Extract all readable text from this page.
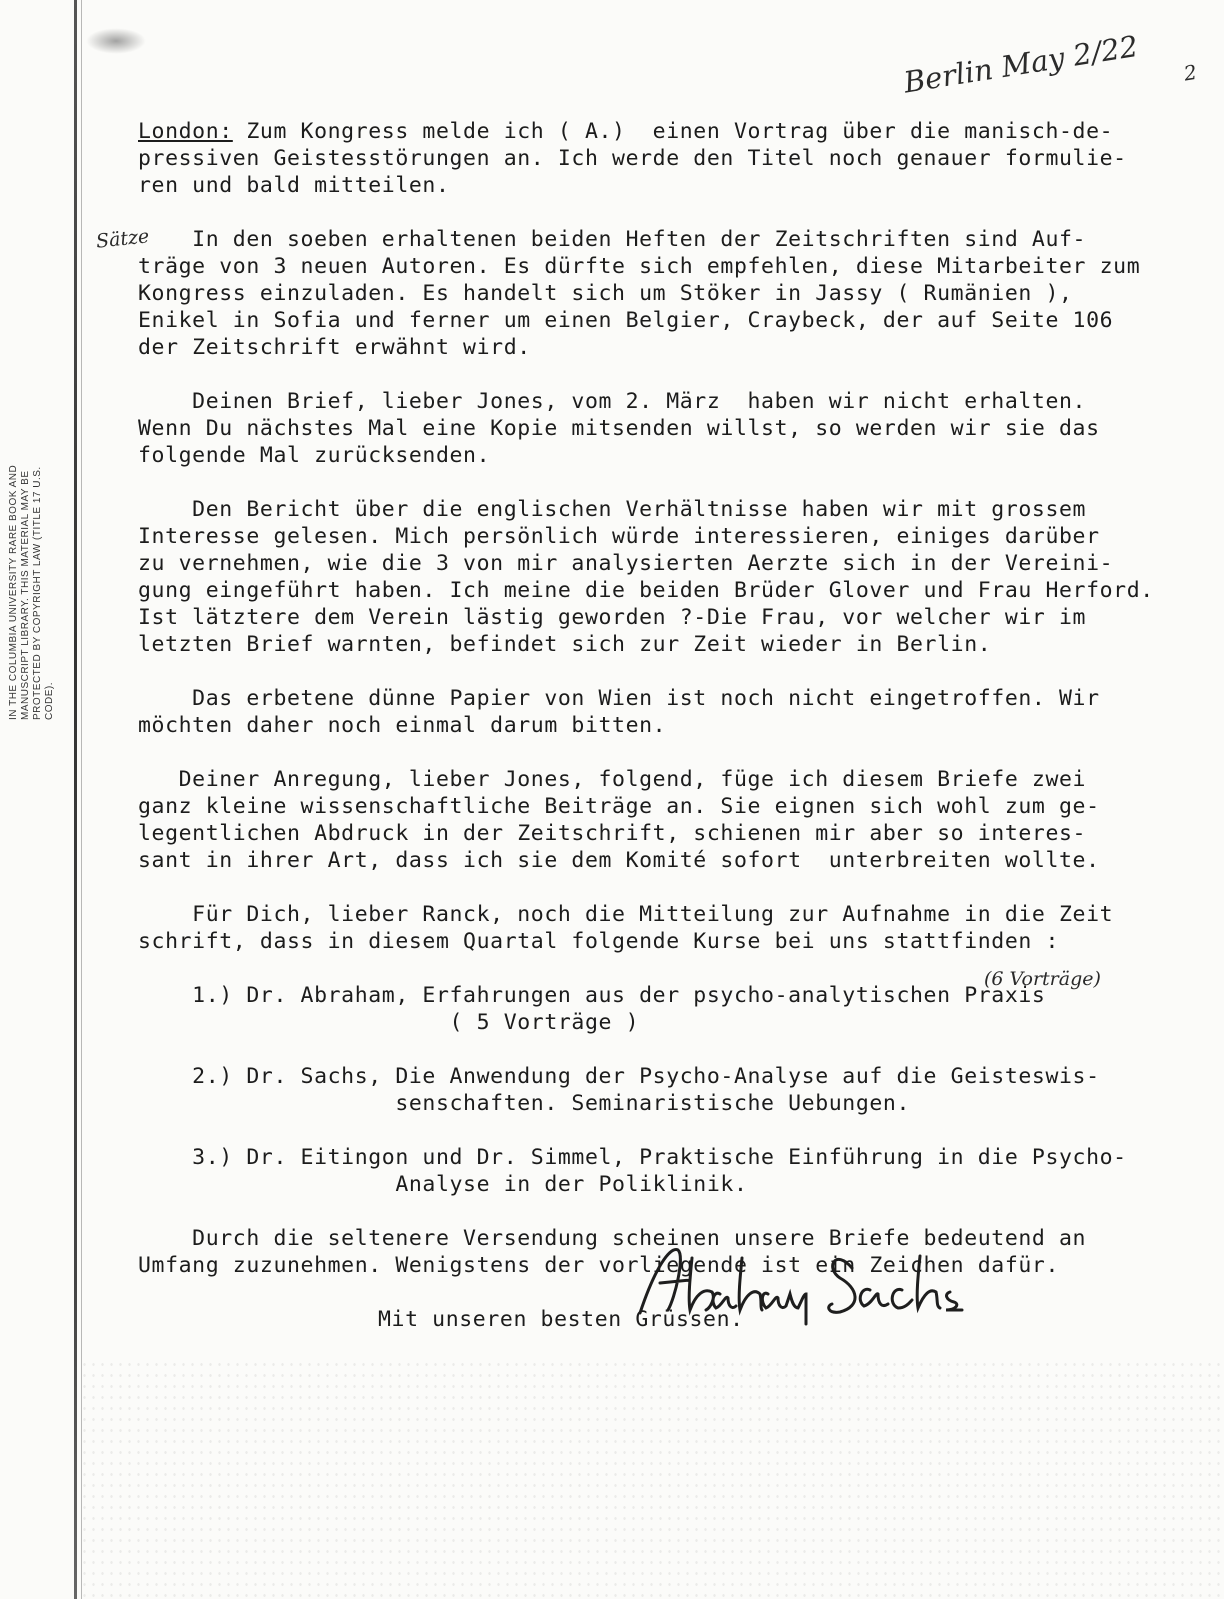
IN THE COLUMBIA UNIVERSITY RARE BOOK AND MANUSCRIPT LIBRARY. THIS MATERIAL MAY BE PROTECTED BY COPYRIGHT LAW (TITLE 17 U.S. CODE).
Berlin May 2/22	2
Sätze
(6 Vorträge)
London: Zum Kongress melde ich ( A.)  einen Vortrag über die manisch-de-
pressiven Geistesstörungen an. Ich werde den Titel noch genauer formulie-
ren und bald mitteilen.
In den soeben erhaltenen beiden Heften der Zeitschriften sind Auf-
träge von 3 neuen Autoren. Es dürfte sich empfehlen, diese Mitarbeiter zum
Kongress einzuladen. Es handelt sich um Stöker in Jassy ( Rumänien ),
Enikel in Sofia und ferner um einen Belgier, Craybeck, der auf Seite 106
der Zeitschrift erwähnt wird.
Deinen Brief, lieber Jones, vom 2. März  haben wir nicht erhalten.
Wenn Du nächstes Mal eine Kopie mitsenden willst, so werden wir sie das
folgende Mal zurücksenden.
Den Bericht über die englischen Verhältnisse haben wir mit grossem
Interesse gelesen. Mich persönlich würde interessieren, einiges darüber
zu vernehmen, wie die 3 von mir analysierten Aerzte sich in der Vereini-
gung eingeführt haben. Ich meine die beiden Brüder Glover und Frau Herford.
Ist lätztere dem Verein lästig geworden ?-Die Frau, vor welcher wir im
letzten Brief warnten, befindet sich zur Zeit wieder in Berlin.
Das erbetene dünne Papier von Wien ist noch nicht eingetroffen. Wir
möchten daher noch einmal darum bitten.
Deiner Anregung, lieber Jones, folgend, füge ich diesem Briefe zwei
ganz kleine wissenschaftliche Beiträge an. Sie eignen sich wohl zum ge-
legentlichen Abdruck in der Zeitschrift, schienen mir aber so interes-
sant in ihrer Art, dass ich sie dem Komité sofort  unterbreiten wollte.
Für Dich, lieber Ranck, noch die Mitteilung zur Aufnahme in die Zeit
schrift, dass in diesem Quartal folgende Kurse bei uns stattfinden :
1.) Dr. Abraham, Erfahrungen aus der psycho-analytischen Praxis
( 5 Vorträge )
2.) Dr. Sachs, Die Anwendung der Psycho-Analyse auf die Geisteswis-
senschaften. Seminaristische Uebungen.
3.) Dr. Eitingon und Dr. Simmel, Praktische Einführung in die Psycho-
Analyse in der Poliklinik.
Durch die seltenere Versendung scheinen unsere Briefe bedeutend an
Umfang zuzunehmen. Wenigstens der vorliegende ist ein Zeichen dafür.
Mit unseren besten Grüssen.
